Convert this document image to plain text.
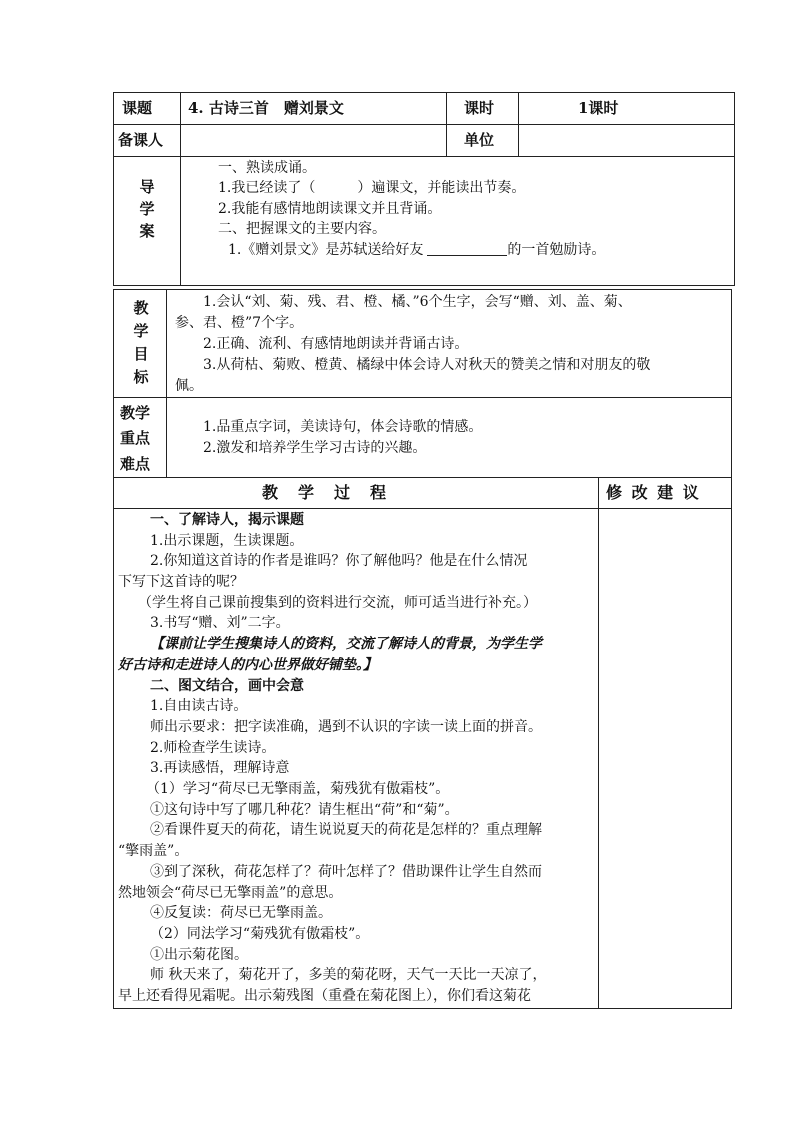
课题 4. 古诗三首　赠刘景文	课时	1课时
备课人	单位
导学案
一、熟读成诵。
1.我已经读了（　　　）遍课文，并能读出节奏。
2.我能有感情地朗读课文并且背诵。
二、把握课文的主要内容。
1.《赠刘景文》是苏轼送给好友	的一首勉励诗。
教学目标
1.会认“刘、菊、残、君、橙、橘、”6个生字，会写“赠、刘、盖、菊、
参、君、橙”7个字。
2.正确、流利、有感情地朗读并背诵古诗。
3.从荷枯、菊败、橙黄、橘绿中体会诗人对秋天的赞美之情和对朋友的敬
佩。
教学
重点
难点
1.品重点字词，美读诗句，体会诗歌的情感。
2.激发和培养学生学习古诗的兴趣。
教　学　过　程	修 改 建 议
一、了解诗人，揭示课题
1.出示课题，生读课题。
2.你知道这首诗的作者是谁吗？你了解他吗？他是在什么情况
下写下这首诗的呢？
（学生将自己课前搜集到的资料进行交流，师可适当进行补充。）
3.书写“赠、刘”二字。
【课前让学生搜集诗人的资料，交流了解诗人的背景，为学生学
好古诗和走进诗人的内心世界做好铺垫。】
二、图文结合，画中会意
1.自由读古诗。
师出示要求：把字读准确，遇到不认识的字读一读上面的拼音。
2.师检查学生读诗。
3.再读感悟，理解诗意
（1）学习“荷尽已无擎雨盖，菊残犹有傲霜枝”。
①这句诗中写了哪几种花？请生框出“荷”和“菊”。
②看课件夏天的荷花，请生说说夏天的荷花是怎样的？重点理解
“擎雨盖”。
③到了深秋，荷花怎样了？荷叶怎样了？借助课件让学生自然而
然地领会“荷尽已无擎雨盖”的意思。
④反复读：荷尽已无擎雨盖。
（2）同法学习“菊残犹有傲霜枝”。
①出示菊花图。
师 秋天来了，菊花开了，多美的菊花呀，天气一天比一天凉了，
早上还看得见霜呢。出示菊残图（重叠在菊花图上），你们看这菊花
